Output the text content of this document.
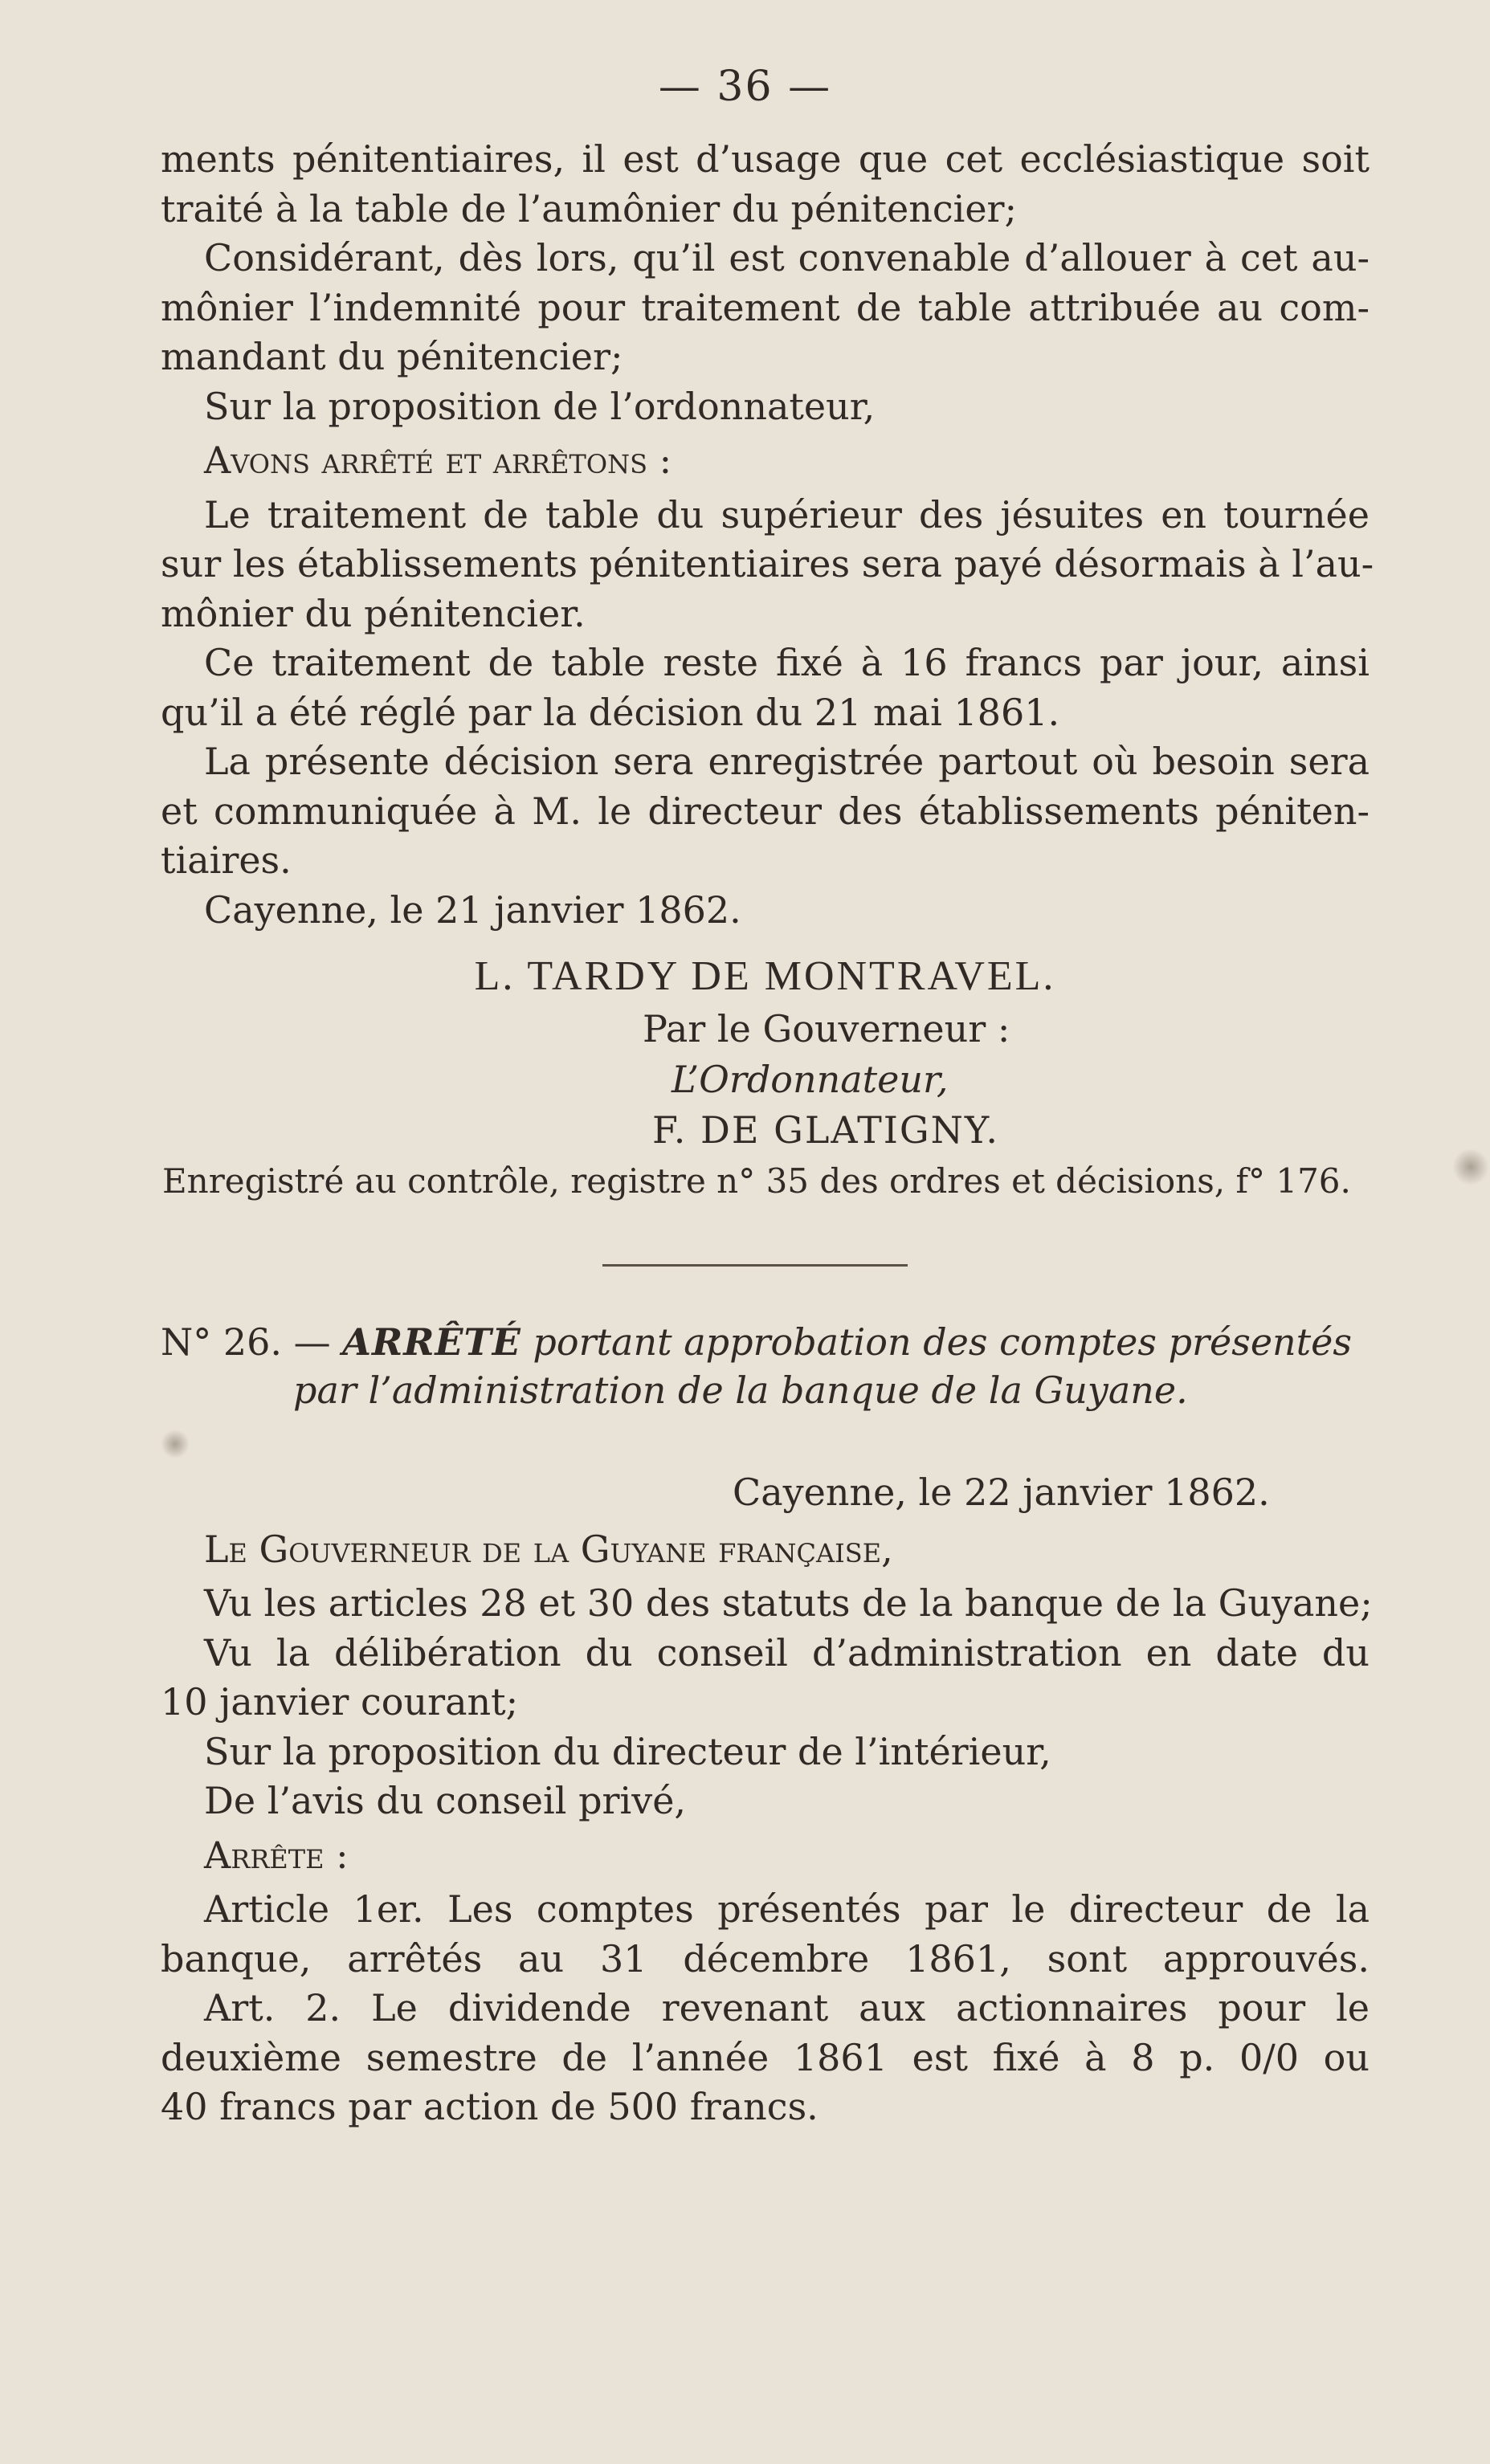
— 36 —
ments pénitentiaires, il est d’usage que cet ecclésiastique soit
traité à la table de l’aumônier du pénitencier;
Considérant, dès lors, qu’il est convenable d’allouer à cet au-
mônier l’indemnité pour traitement de table attribuée au com-
mandant du pénitencier;
Sur la proposition de l’ordonnateur,
Avons arrêté et arrêtons :
Le traitement de table du supérieur des jésuites en tournée
sur les établissements pénitentiaires sera payé désormais à l’au-
mônier du pénitencier.
Ce traitement de table reste fixé à 16 francs par jour, ainsi
qu’il a été réglé par la décision du 21 mai 1861.
La présente décision sera enregistrée partout où besoin sera
et communiquée à M. le directeur des établissements péniten-
tiaires.
Cayenne, le 21 janvier 1862.
L. TARDY DE MONTRAVEL.
Par le Gouverneur :
L’Ordonnateur,
F. DE GLATIGNY.
Enregistré au contrôle, registre n° 35 des ordres et décisions, f° 176.
N° 26. — ARRÊTÉ portant approbation des comptes présentés
par l’administration de la banque de la Guyane.
Cayenne, le 22 janvier 1862.
Le Gouverneur de la Guyane française,
Vu les articles 28 et 30 des statuts de la banque de la Guyane;
Vu la délibération du conseil d’administration en date du
10 janvier courant;
Sur la proposition du directeur de l’intérieur,
De l’avis du conseil privé,
Arrête :
Article 1er. Les comptes présentés par le directeur de la
banque, arrêtés au 31 décembre 1861, sont approuvés.
Art. 2. Le dividende revenant aux actionnaires pour le
deuxième semestre de l’année 1861 est fixé à 8 p. 0/0 ou
40 francs par action de 500 francs.
